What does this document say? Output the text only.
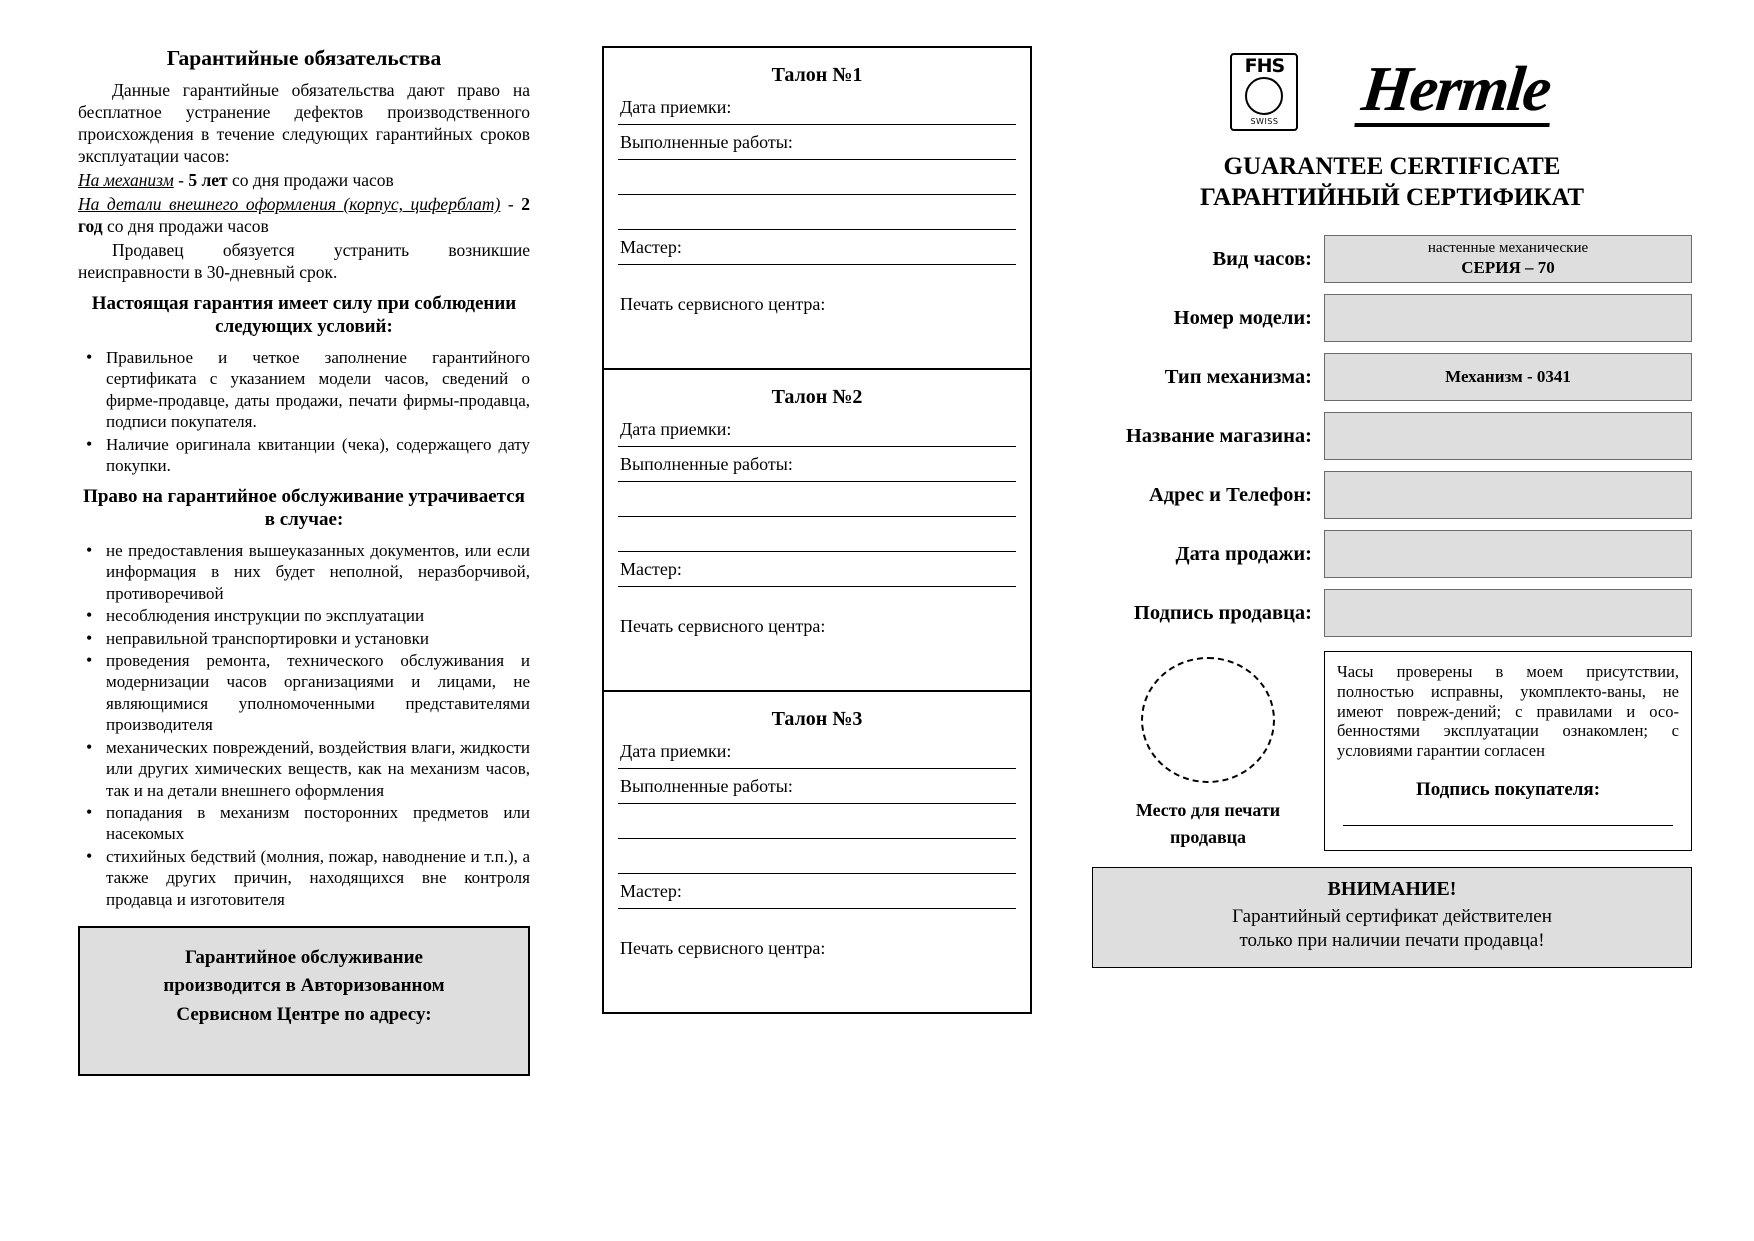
Гарантийные обязательства

Данные гарантийные обязательства дают право на бесплатное устранение дефектов производственного происхождения в течение следующих гарантийных сроков эксплуатации часов:

На механизм - 5 лет со дня продажи часов

На детали внешнего оформления (корпус, циферблат) - 2 год со дня продажи часов

Продавец обязуется устранить возникшие неисправности в 30-дневный срок.

Настоящая гарантия имеет силу при соблюдении следующих условий:
• Правильное и четкое заполнение гарантийного сертификата с указанием модели часов, сведений о фирме-продавце, даты продажи, печати фирмы-продавца, подписи покупателя.
• Наличие оригинала квитанции (чека), содержащего дату покупки.
Право на гарантийное обслуживание утрачивается в случае:
• не предоставления вышеуказанных документов, или если информация в них будет неполной, неразборчивой, противоречивой
• несоблюдения инструкции по эксплуатации
• неправильной транспортировки и установки
• проведения ремонта, технического обслуживания и модернизации часов организациями и лицами, не являющимися уполномоченными представителями производителя
• механических повреждений, воздействия влаги, жидкости или других химических веществ, как на механизм часов, так и на детали внешнего оформления
• попадания в механизм посторонних предметов или насекомых
• стихийных бедствий (молния, пожар, наводнение и т.п.), а также других причин, находящихся вне контроля продавца и изготовителя
Гарантийное обслуживание
производится в Авторизованном
Сервисном Центре по адресу:
Талон №1
Дата приемки:
Выполненные работы:
Мастер:
Печать сервисного центра:
Талон №2
Дата приемки:
Выполненные работы:
Мастер:
Печать сервисного центра:
Талон №3
Дата приемки:
Выполненные работы:
Мастер:
Печать сервисного центра:
FHS
SWISS Hermle
GUARANTEE CERTIFICATE
ГАРАНТИЙНЫЙ СЕРТИФИКАТ
Вид часов:	настенные механические
СЕРИЯ – 70
Номер модели:
Тип механизма:	Механизм - 0341
Название магазина:
Адрес и Телефон:
Дата продажи:
Подпись продавца:
Место для печати
продавца

Часы проверены в моем присутствии, полностью исправны, укомплекто-ваны, не имеют повреж-дений; с правилами и осо-бенностями эксплуатации ознакомлен; с условиями гарантии согласен

Подпись покупателя:
ВНИМАНИЕ!
Гарантийный сертификат действителен
только при наличии печати продавца!
